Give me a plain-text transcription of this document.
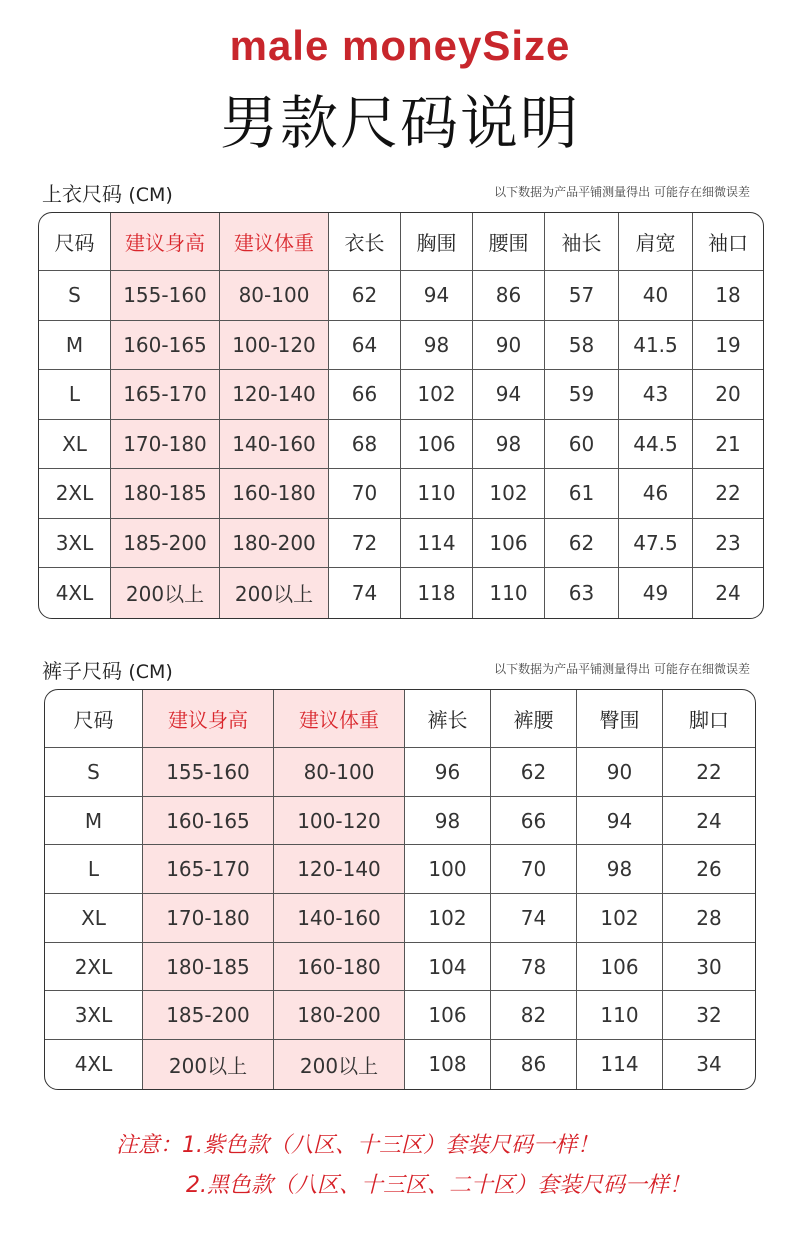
male moneySize
男款尺码说明
上衣尺码 (CM)	以下数据为产品平铺测量得出 可能存在细微误差
尺码	建议身高	建议体重	衣长	胸围	腰围	袖长	肩宽	袖口
S	155-160	80-100	62	94	86	57	40	18
M	160-165	100-120	64	98	90	58	41.5	19
L	165-170	120-140	66	102	94	59	43	20
XL	170-180	140-160	68	106	98	60	44.5	21
2XL	180-185	160-180	70	110	102	61	46	22
3XL	185-200	180-200	72	114	106	62	47.5	23
4XL	200以上	200以上	74	118	110	63	49	24
裤子尺码 (CM)	以下数据为产品平铺测量得出 可能存在细微误差
尺码	建议身高	建议体重	裤长	裤腰	臀围	脚口
S	155-160	80-100	96	62	90	22
M	160-165	100-120	98	66	94	24
L	165-170	120-140	100	70	98	26
XL	170-180	140-160	102	74	102	28
2XL	180-185	160-180	104	78	106	30
3XL	185-200	180-200	106	82	110	32
4XL	200以上	200以上	108	86	114	34
注意：1.紫色款（八区、十三区）套装尺码一样！
2.黑色款（八区、十三区、二十区）套装尺码一样！
